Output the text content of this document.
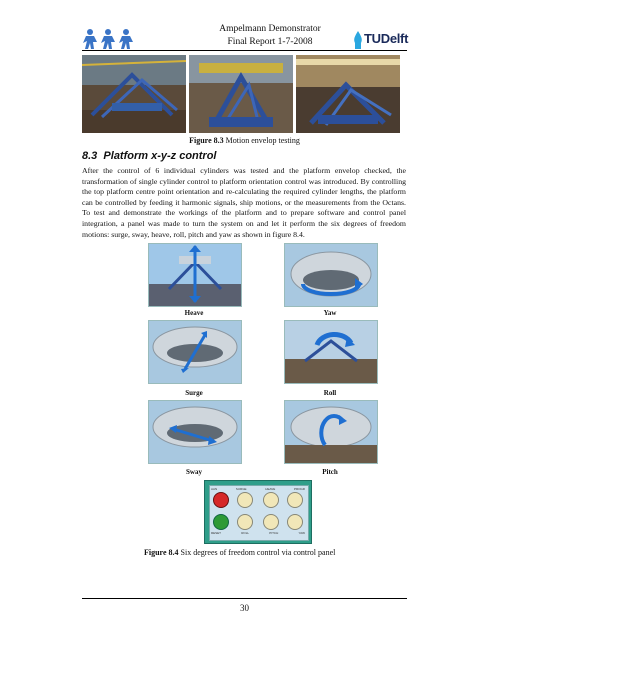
Ampelmann Demonstrator
Final Report 1-7-2008	TUDelft
Figure 8.3 Motion envelop testing
8.3 Platform x-y-z control
After the control of 6 individual cylinders was tested and the platform envelop checked, the transformation of single cylinder control to platform orientation control was introduced. By controlling the top platform centre point orientation and re-calculating the required cylinder lengths, the platform can be controlled by feeding it harmonic signals, ship motions, or the measurements from the Octans. To test and demonstrate the workings of the platform and to prepare software and control panel integration, a panel was made to turn the system on and let it perform the six degrees of freedom motions: surge, sway, heave, roll, pitch and yaw as shown in figure 8.4.
Heave	Yaw
Surge	Roll
Sway	Pitch
AAN	SURGE	HEAVE	PROGR
RESET	ROLL	PITCH	YAW
Figure 8.4 Six degrees of freedom control via control panel
30
